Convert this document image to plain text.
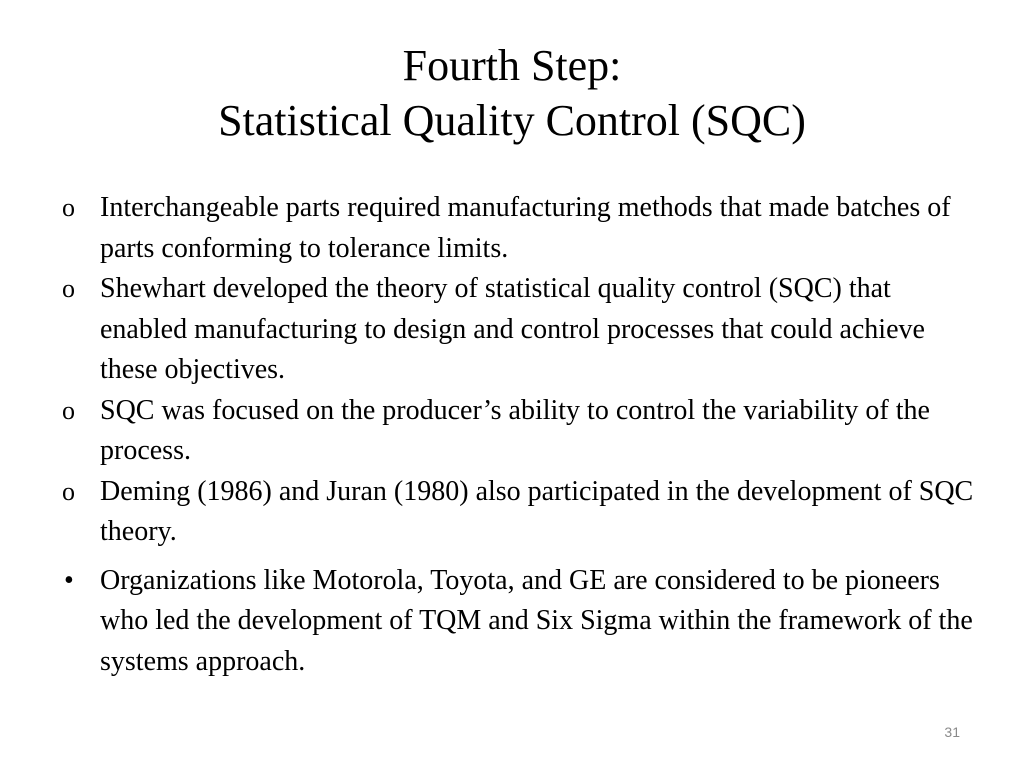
Fourth Step:
Statistical Quality Control (SQC)

o Interchangeable parts required manufacturing methods that made batches of parts conforming to tolerance limits.

o Shewhart developed the theory of statistical quality control (SQC) that enabled manufacturing to design and control processes that could achieve these objectives.

o SQC was focused on the producer’s ability to control the variability of the process.

o Deming (1986) and Juran (1980) also participated in the development of SQC theory.

• Organizations like Motorola, Toyota, and GE are considered to be pioneers who led the development of TQM and Six Sigma within the framework of the systems approach.

31
